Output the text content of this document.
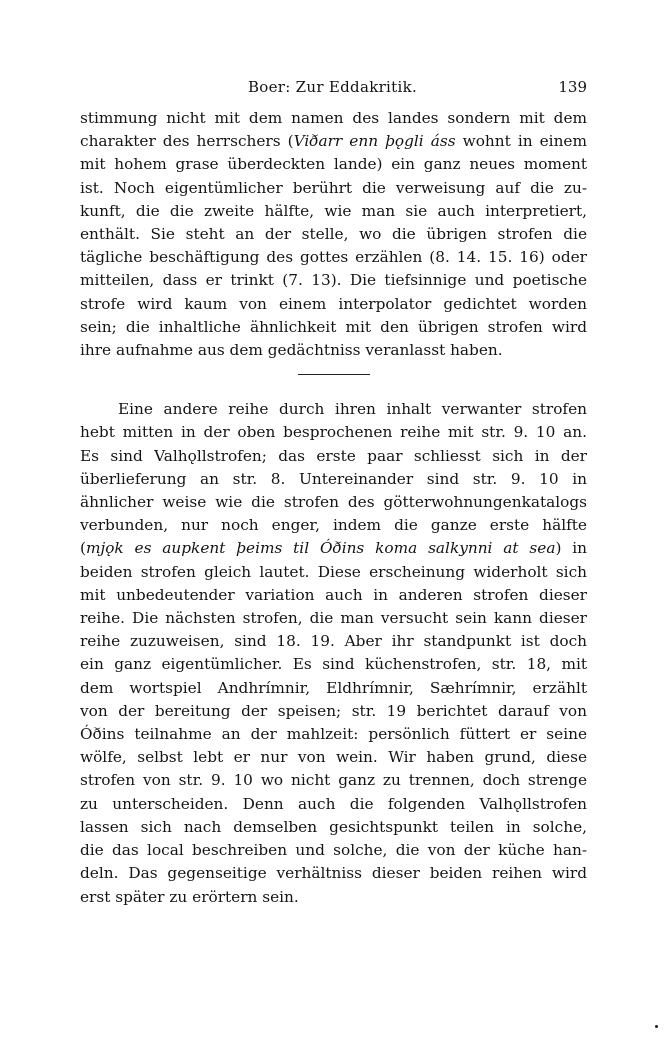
Boer: Zur Eddakritik.	139

stimmung nicht mit dem namen des landes sondern mit dem
charakter des herrschers (Viðarr enn þǫgli áss wohnt in einem
mit hohem grase überdeckten lande) ein ganz neues moment
ist. Noch eigentümlicher berührt die verweisung auf die zu-
kunft, die die zweite hälfte, wie man sie auch interpretiert,
enthält. Sie steht an der stelle, wo die übrigen strofen die
tägliche beschäftigung des gottes erzählen (8. 14. 15. 16) oder
mitteilen, dass er trinkt (7. 13). Die tiefsinnige und poetische
strofe wird kaum von einem interpolator gedichtet worden
sein; die inhaltliche ähnlichkeit mit den übrigen strofen wird
ihre aufnahme aus dem gedächtniss veranlasst haben.

Eine andere reihe durch ihren inhalt verwanter strofen
hebt mitten in der oben besprochenen reihe mit str. 9. 10 an.
Es sind Valhǫllstrofen; das erste paar schliesst sich in der
überlieferung an str. 8. Untereinander sind str. 9. 10 in
ähnlicher weise wie die strofen des götterwohnungenkatalogs
verbunden, nur noch enger, indem die ganze erste hälfte
(mjǫk es aupkent þeims til Óðins koma salkynni at sea) in
beiden strofen gleich lautet. Diese erscheinung widerholt sich
mit unbedeutender variation auch in anderen strofen dieser
reihe. Die nächsten strofen, die man versucht sein kann dieser
reihe zuzuweisen, sind 18. 19. Aber ihr standpunkt ist doch
ein ganz eigentümlicher. Es sind küchenstrofen, str. 18, mit
dem wortspiel Andhrímnir, Eldhrímnir, Sæhrímnir, erzählt
von der bereitung der speisen; str. 19 berichtet darauf von
Óðins teilnahme an der mahlzeit: persönlich füttert er seine
wölfe, selbst lebt er nur von wein. Wir haben grund, diese
strofen von str. 9. 10 wo nicht ganz zu trennen, doch strenge
zu unterscheiden. Denn auch die folgenden Valhǫllstrofen
lassen sich nach demselben gesichtspunkt teilen in solche,
die das local beschreiben und solche, die von der küche han-
deln. Das gegenseitige verhältniss dieser beiden reihen wird
erst später zu erörtern sein.
